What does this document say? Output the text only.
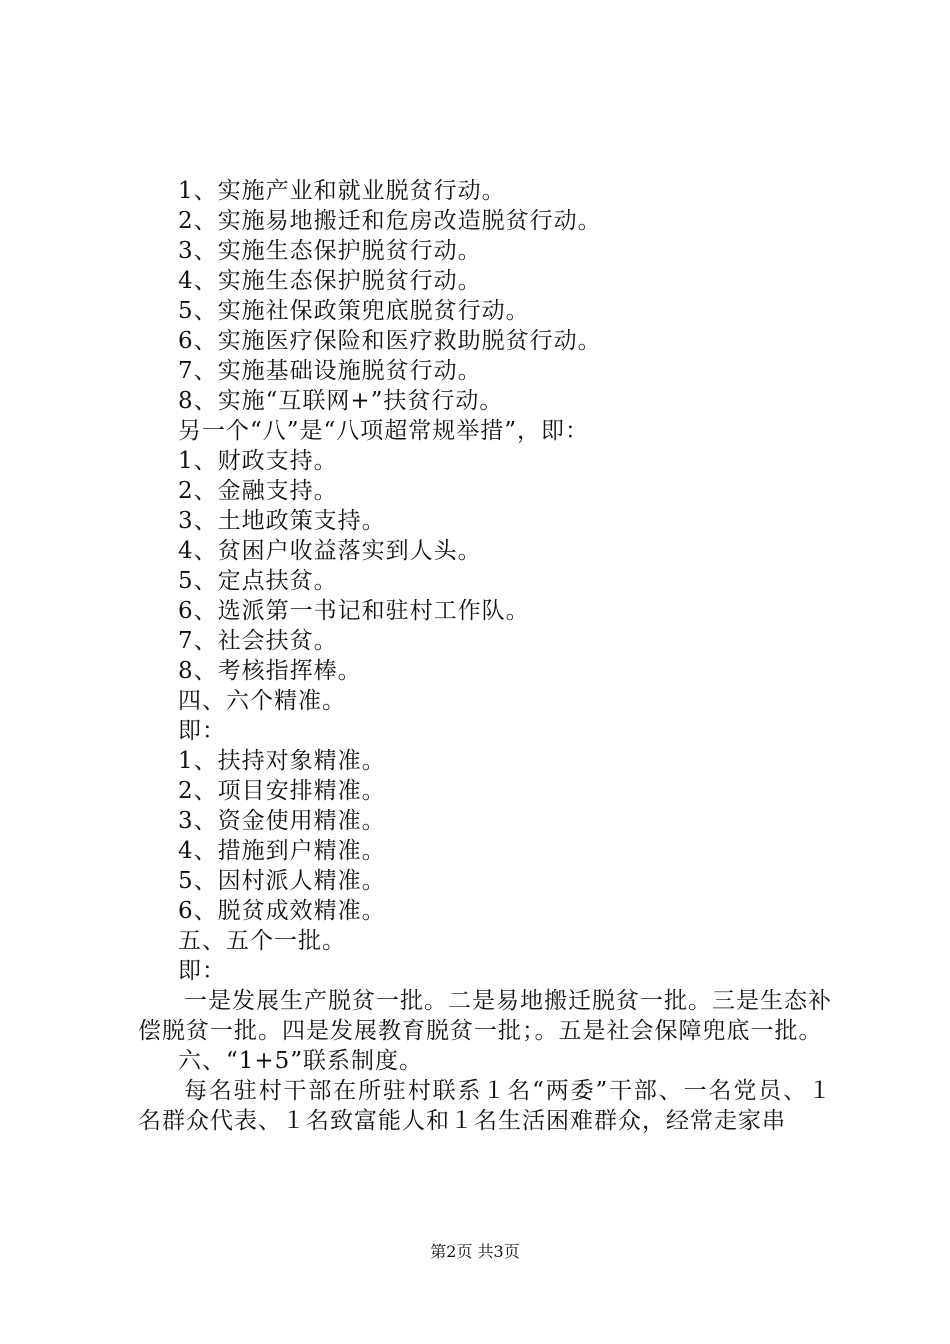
1、实施产业和就业脱贫行动。
2、实施易地搬迁和危房改造脱贫行动。
3、实施生态保护脱贫行动。
4、实施生态保护脱贫行动。
5、实施社保政策兜底脱贫行动。
6、实施医疗保险和医疗救助脱贫行动。
7、实施基础设施脱贫行动。
8、实施“互联网+”扶贫行动。
另一个“八”是“八项超常规举措”，即：
1、财政支持。
2、金融支持。
3、土地政策支持。
4、贫困户收益落实到人头。
5、定点扶贫。
6、选派第一书记和驻村工作队。
7、社会扶贫。
8、考核指挥棒。
四、六个精准。
即：
1、扶持对象精准。
2、项目安排精准。
3、资金使用精准。
4、措施到户精准。
5、因村派人精准。
6、脱贫成效精准。
五、五个一批。
即：
一是发展生产脱贫一批。二是易地搬迁脱贫一批。三是生态补偿脱贫一批。四是发展教育脱贫一批；。五是社会保障兜底一批。
六、“1+5”联系制度。
每名驻村干部在所驻村联系１名“两委”干部、一名党员、１名群众代表、１名致富能人和１名生活困难群众，经常走家串
第2页 共3页
